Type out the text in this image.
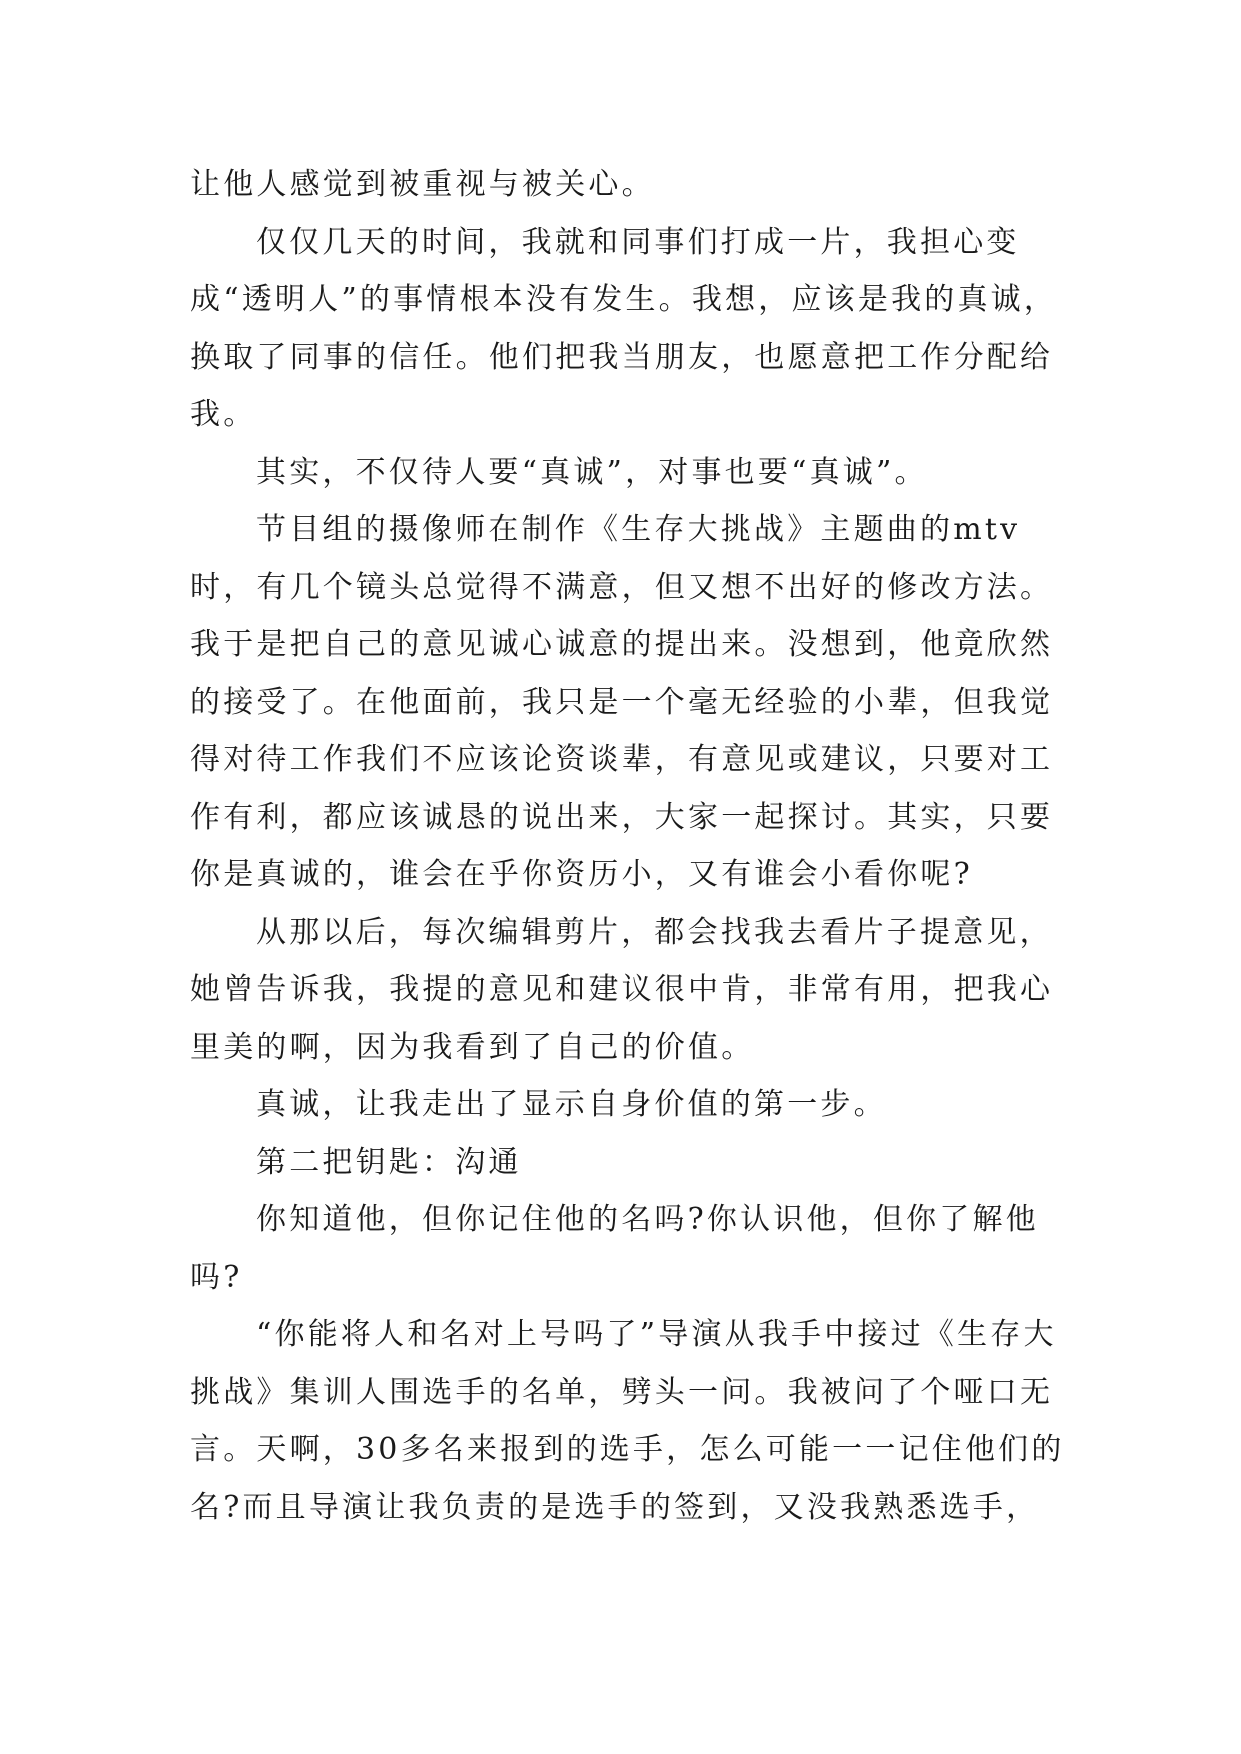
让他人感觉到被重视与被关心。

仅仅几天的时间，我就和同事们打成一片，我担心变成“透明人”的事情根本没有发生。我想，应该是我的真诚，换取了同事的信任。他们把我当朋友，也愿意把工作分配给我。

其实，不仅待人要“真诚”，对事也要“真诚”。

节目组的摄像师在制作《生存大挑战》主题曲的mtv时，有几个镜头总觉得不满意，但又想不出好的修改方法。我于是把自己的意见诚心诚意的提出来。没想到，他竟欣然的接受了。在他面前，我只是一个毫无经验的小辈，但我觉得对待工作我们不应该论资谈辈，有意见或建议，只要对工作有利，都应该诚恳的说出来，大家一起探讨。其实，只要你是真诚的，谁会在乎你资历小，又有谁会小看你呢?

从那以后，每次编辑剪片，都会找我去看片子提意见，她曾告诉我，我提的意见和建议很中肯，非常有用，把我心里美的啊，因为我看到了自己的价值。

真诚，让我走出了显示自身价值的第一步。

第二把钥匙：沟通

你知道他，但你记住他的名吗?你认识他，但你了解他吗?

“你能将人和名对上号吗了”导演从我手中接过《生存大挑战》集训人围选手的名单，劈头一问。我被问了个哑口无言。天啊，30多名来报到的选手，怎么可能一一记住他们的名?而且导演让我负责的是选手的签到，又没我熟悉选手，
